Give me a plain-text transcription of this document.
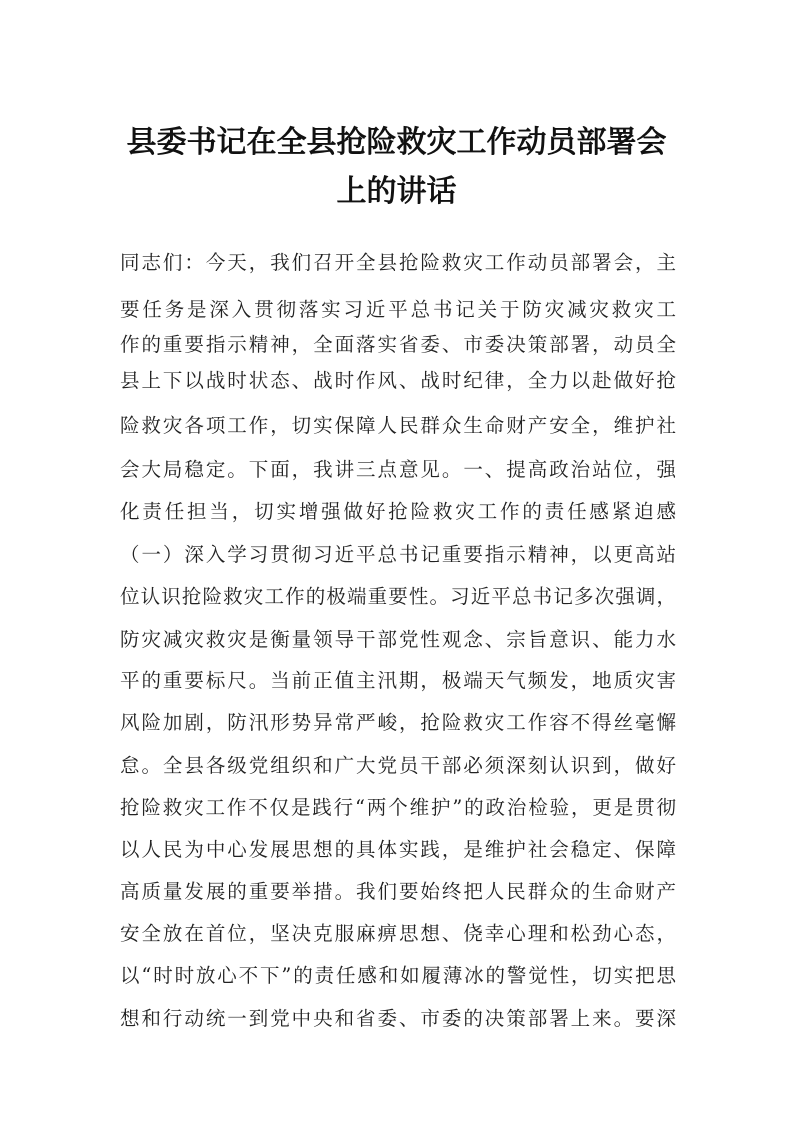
县委书记在全县抢险救灾工作动员部署会
上的讲话
同志们：今天，我们召开全县抢险救灾工作动员部署会，主
要任务是深入贯彻落实习近平总书记关于防灾减灾救灾工
作的重要指示精神，全面落实省委、市委决策部署，动员全
县上下以战时状态、战时作风、战时纪律，全力以赴做好抢
险救灾各项工作，切实保障人民群众生命财产安全，维护社
会大局稳定。下面，我讲三点意见。一、提高政治站位，强
化责任担当，切实增强做好抢险救灾工作的责任感紧迫感
（一）深入学习贯彻习近平总书记重要指示精神，以更高站
位认识抢险救灾工作的极端重要性。习近平总书记多次强调，
防灾减灾救灾是衡量领导干部党性观念、宗旨意识、能力水
平的重要标尺。当前正值主汛期，极端天气频发，地质灾害
风险加剧，防汛形势异常严峻，抢险救灾工作容不得丝毫懈
怠。全县各级党组织和广大党员干部必须深刻认识到，做好
抢险救灾工作不仅是践行“两个维护”的政治检验，更是贯彻
以人民为中心发展思想的具体实践，是维护社会稳定、保障
高质量发展的重要举措。我们要始终把人民群众的生命财产
安全放在首位，坚决克服麻痹思想、侥幸心理和松劲心态，
以“时时放心不下”的责任感和如履薄冰的警觉性，切实把思
想和行动统一到党中央和省委、市委的决策部署上来。要深
